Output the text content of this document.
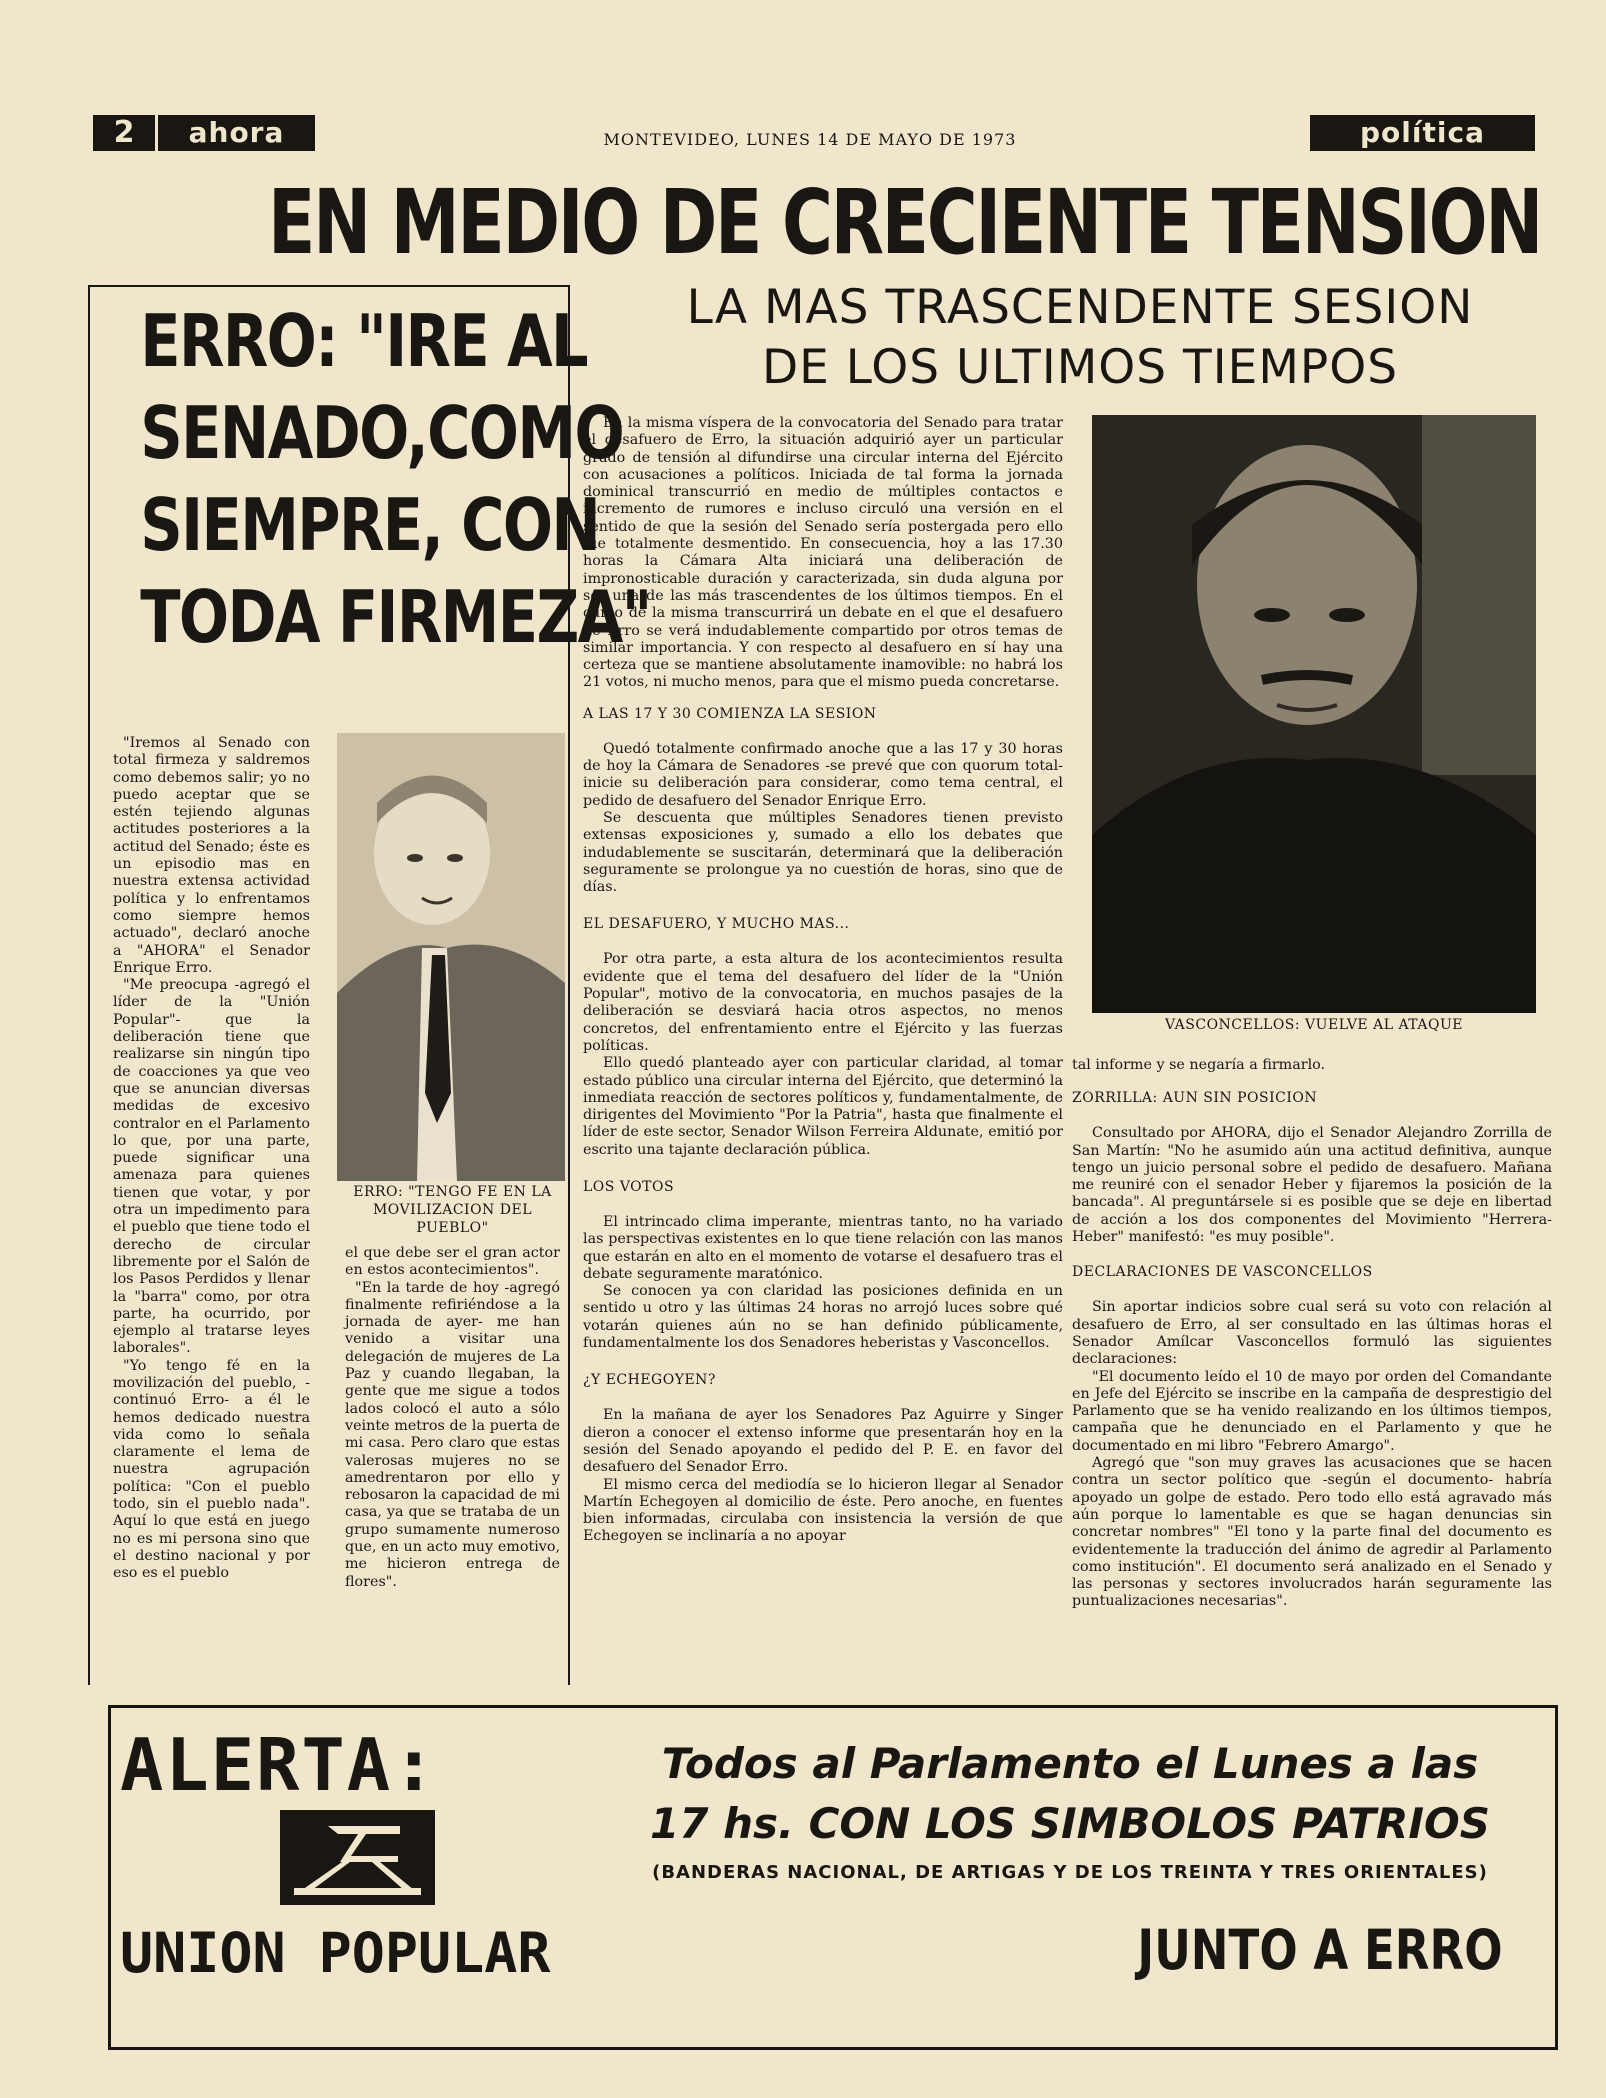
2	ahora	MONTEVIDEO, LUNES 14 DE MAYO DE 1973	política
EN MEDIO DE CRECIENTE TENSION
ERRO: "IRE AL
SENADO,COMO
SIEMPRE, CON
TODA FIRMEZA"

"Iremos al Senado con total firmeza y saldremos como debemos salir; yo no puedo aceptar que se estén tejiendo algunas actitudes posteriores a la actitud del Senado; éste es un episodio mas en nuestra extensa actividad política y lo enfrentamos como siempre hemos actuado", declaró anoche a "AHORA" el Senador Enrique Erro.

"Me preocupa -agregó el líder de la "Unión Popular"- que la deliberación tiene que realizarse sin ningún tipo de coacciones ya que veo que se anuncian diversas medidas de excesivo contralor en el Parlamento lo que, por una parte, puede significar una amenaza para quienes tienen que votar, y por otra un impedimento para el pueblo que tiene todo el derecho de circular libremente por el Salón de los Pasos Perdidos y llenar la "barra" como, por otra parte, ha ocurrido, por ejemplo al tratarse leyes laborales".

"Yo tengo fé en la movilización del pueblo, -continuó Erro- a él le hemos dedicado nuestra vida como lo señala claramente el lema de nuestra agrupación política: "Con el pueblo todo, sin el pueblo nada". Aquí lo que está en juego no es mi persona sino que el destino nacional y por eso es el pueblo

ERRO: "TENGO FE EN LA MOVILIZACION DEL PUEBLO"

el que debe ser el gran actor en estos acontecimientos".

"En la tarde de hoy -agregó finalmente refiriéndose a la jornada de ayer- me han venido a visitar una delegación de mujeres de La Paz y cuando llegaban, la gente que me sigue a todos lados colocó el auto a sólo veinte metros de la puerta de mi casa. Pero claro que estas valerosas mujeres no se amedrentaron por ello y rebosaron la capacidad de mi casa, ya que se trataba de un grupo sumamente numeroso que, en un acto muy emotivo, me hicieron entrega de flores".

LA MAS TRASCENDENTE SESION
DE LOS ULTIMOS TIEMPOS

En la misma víspera de la convocatoria del Senado para tratar el desafuero de Erro, la situación adquirió ayer un particular grado de tensión al difundirse una circular interna del Ejército con acusaciones a políticos. Iniciada de tal forma la jornada dominical transcurrió en medio de múltiples contactos e incremento de rumores e incluso circuló una versión en el sentido de que la sesión del Senado sería postergada pero ello fue totalmente desmentido. En consecuencia, hoy a las 17.30 horas la Cámara Alta iniciará una deliberación de impronosticable duración y caracterizada, sin duda alguna por ser una de las más trascendentes de los últimos tiempos. En el curso de la misma transcurrirá un debate en el que el desafuero de Erro se verá indudablemente compartido por otros temas de similar importancia. Y con respecto al desafuero en sí hay una certeza que se mantiene absolutamente inamovible: no habrá los 21 votos, ni mucho menos, para que el mismo pueda concretarse.

A LAS 17 Y 30 COMIENZA LA SESION

Quedó totalmente confirmado anoche que a las 17 y 30 horas de hoy la Cámara de Senadores -se prevé que con quorum total- inicie su deliberación para considerar, como tema central, el pedido de desafuero del Senador Enrique Erro.

Se descuenta que múltiples Senadores tienen previsto extensas exposiciones y, sumado a ello los debates que indudablemente se suscitarán, determinará que la deliberación seguramente se prolongue ya no cuestión de horas, sino que de días.

EL DESAFUERO, Y MUCHO MAS...

Por otra parte, a esta altura de los acontecimientos resulta evidente que el tema del desafuero del líder de la "Unión Popular", motivo de la convocatoria, en muchos pasajes de la deliberación se desviará hacia otros aspectos, no menos concretos, del enfrentamiento entre el Ejército y las fuerzas políticas.

Ello quedó planteado ayer con particular claridad, al tomar estado público una circular interna del Ejército, que determinó la inmediata reacción de sectores políticos y, fundamentalmente, de dirigentes del Movimiento "Por la Patria", hasta que finalmente el líder de este sector, Senador Wilson Ferreira Aldunate, emitió por escrito una tajante declaración pública.

LOS VOTOS

El intrincado clima imperante, mientras tanto, no ha variado las perspectivas existentes en lo que tiene relación con las manos que estarán en alto en el momento de votarse el desafuero tras el debate seguramente maratónico.

Se conocen ya con claridad las posiciones definida en un sentido u otro y las últimas 24 horas no arrojó luces sobre qué votarán quienes aún no se han definido públicamente, fundamentalmente los dos Senadores heberistas y Vasconcellos.

¿Y ECHEGOYEN?

En la mañana de ayer los Senadores Paz Aguirre y Singer dieron a conocer el extenso informe que presentarán hoy en la sesión del Senado apoyando el pedido del P. E. en favor del desafuero del Senador Erro.

El mismo cerca del mediodía se lo hicieron llegar al Senador Martín Echegoyen al domicilio de éste. Pero anoche, en fuentes bien informadas, circulaba con insistencia la versión de que Echegoyen se inclinaría a no apoyar

VASCONCELLOS: VUELVE AL ATAQUE

tal informe y se negaría a firmarlo.

ZORRILLA: AUN SIN POSICION

Consultado por AHORA, dijo el Senador Alejandro Zorrilla de San Martín: "No he asumido aún una actitud definitiva, aunque tengo un juicio personal sobre el pedido de desafuero. Mañana me reuniré con el senador Heber y fijaremos la posición de la bancada". Al preguntársele si es posible que se deje en libertad de acción a los dos componentes del Movimiento "Herrera-Heber" manifestó: "es muy posible".

DECLARACIONES DE VASCONCELLOS

Sin aportar indicios sobre cual será su voto con relación al desafuero de Erro, al ser consultado en las últimas horas el Senador Amílcar Vasconcellos formuló las siguientes declaraciones:

"El documento leído el 10 de mayo por orden del Comandante en Jefe del Ejército se inscribe en la campaña de desprestigio del Parlamento que se ha venido realizando en los últimos tiempos, campaña que he denunciado en el Parlamento y que he documentado en mi libro "Febrero Amargo".

Agregó que "son muy graves las acusaciones que se hacen contra un sector político que -según el documento- habría apoyado un golpe de estado. Pero todo ello está agravado más aún porque lo lamentable es que se hagan denuncias sin concretar nombres" "El tono y la parte final del documento es evidentemente la traducción del ánimo de agredir al Parlamento como institución". El documento será analizado en el Senado y las personas y sectores involucrados harán seguramente las puntualizaciones necesarias".

ALERTA:
UNION POPULAR
Todos al Parlamento el Lunes a las
17 hs. CON LOS SIMBOLOS PATRIOS
(BANDERAS NACIONAL, DE ARTIGAS Y DE LOS TREINTA Y TRES ORIENTALES)
JUNTO A ERRO
